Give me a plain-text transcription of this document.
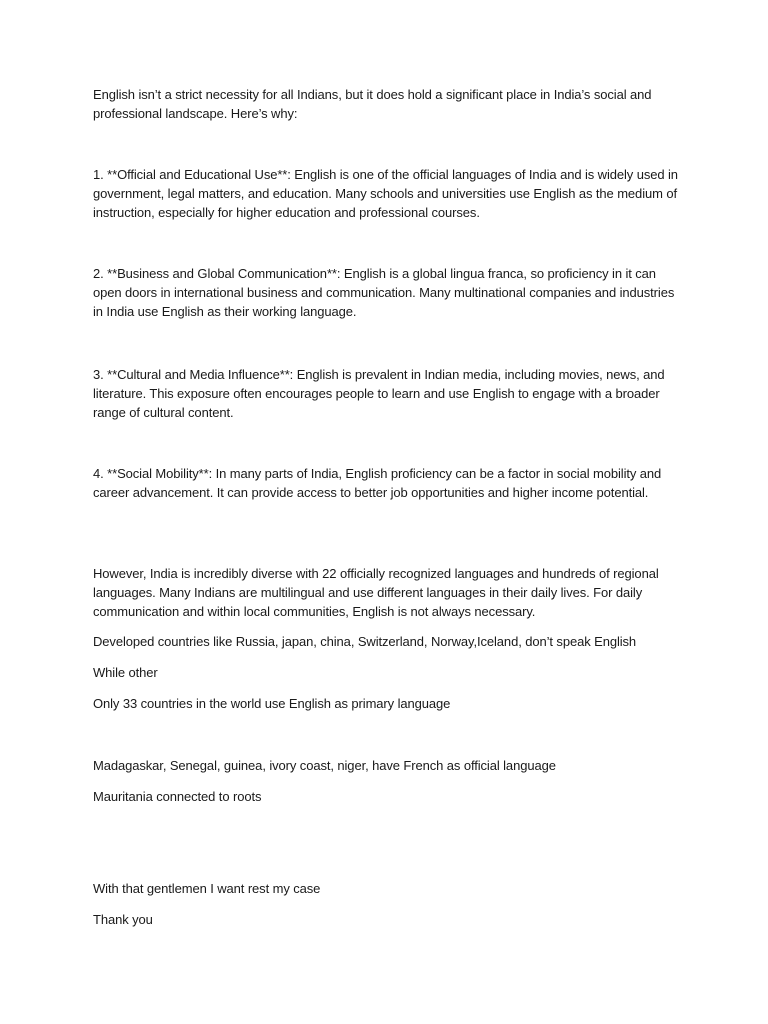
English isn’t a strict necessity for all Indians, but it does hold a significant place in India’s social and professional landscape. Here’s why:

1. **Official and Educational Use**: English is one of the official languages of India and is widely used in government, legal matters, and education. Many schools and universities use English as the medium of instruction, especially for higher education and professional courses.

2. **Business and Global Communication**: English is a global lingua franca, so proficiency in it can open doors in international business and communication. Many multinational companies and industries in India use English as their working language.

3. **Cultural and Media Influence**: English is prevalent in Indian media, including movies, news, and literature. This exposure often encourages people to learn and use English to engage with a broader range of cultural content.

4. **Social Mobility**: In many parts of India, English proficiency can be a factor in social mobility and career advancement. It can provide access to better job opportunities and higher income potential.

However, India is incredibly diverse with 22 officially recognized languages and hundreds of regional languages. Many Indians are multilingual and use different languages in their daily lives. For daily communication and within local communities, English is not always necessary.

Developed countries like Russia, japan, china, Switzerland, Norway,Iceland, don’t speak English

While other

Only 33 countries in the world use English as primary language

Madagaskar, Senegal, guinea, ivory coast, niger, have French as official language

Mauritania connected to roots

With that gentlemen I want rest my case

Thank you
